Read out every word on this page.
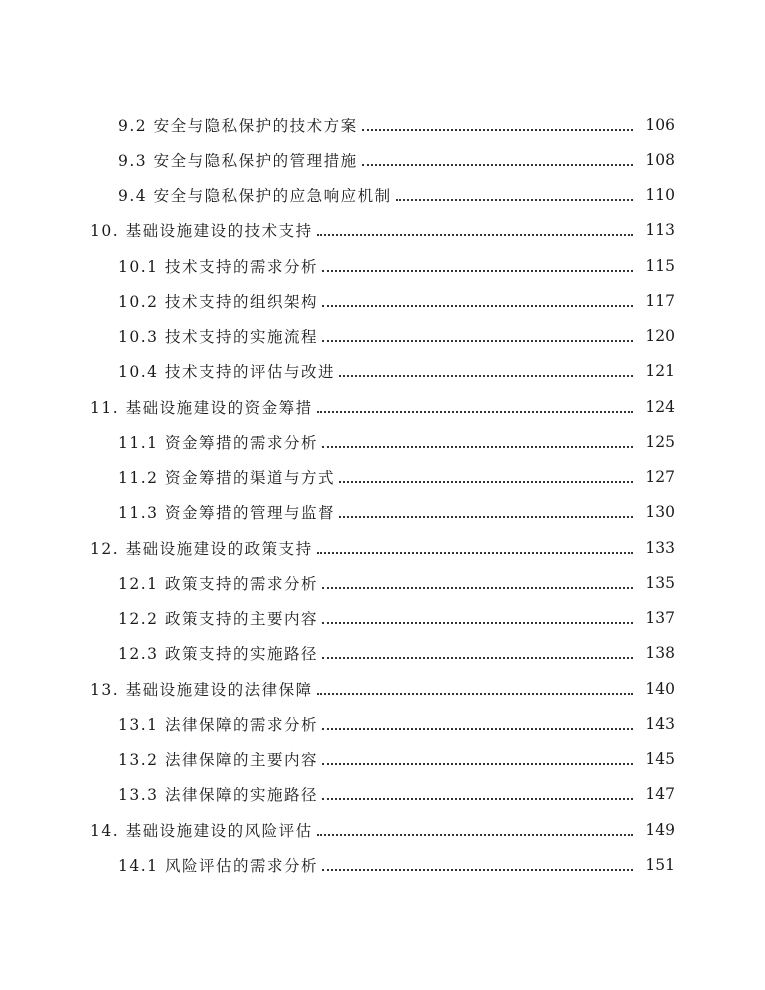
9.2 安全与隐私保护的技术方案	106
9.3 安全与隐私保护的管理措施	108
9.4 安全与隐私保护的应急响应机制	110
10. 基础设施建设的技术支持	113
10.1 技术支持的需求分析	115
10.2 技术支持的组织架构	117
10.3 技术支持的实施流程	120
10.4 技术支持的评估与改进	121
11. 基础设施建设的资金筹措	124
11.1 资金筹措的需求分析	125
11.2 资金筹措的渠道与方式	127
11.3 资金筹措的管理与监督	130
12. 基础设施建设的政策支持	133
12.1 政策支持的需求分析	135
12.2 政策支持的主要内容	137
12.3 政策支持的实施路径	138
13. 基础设施建设的法律保障	140
13.1 法律保障的需求分析	143
13.2 法律保障的主要内容	145
13.3 法律保障的实施路径	147
14. 基础设施建设的风险评估	149
14.1 风险评估的需求分析	151
